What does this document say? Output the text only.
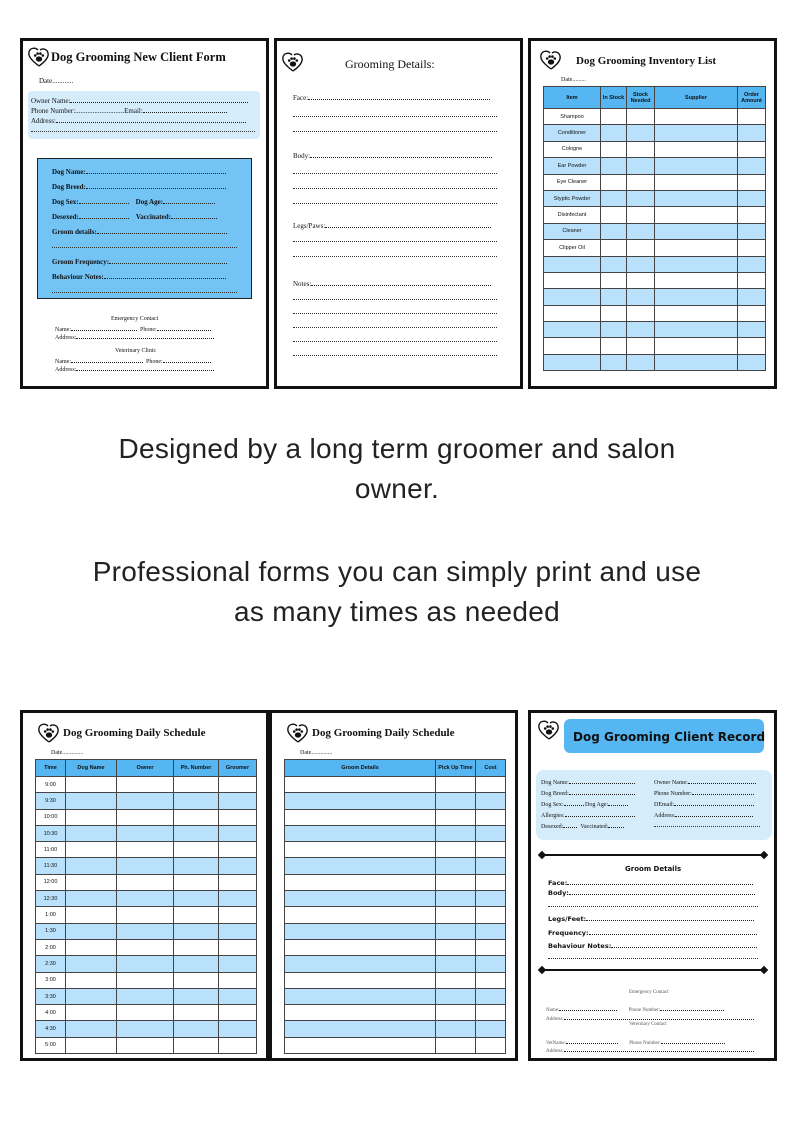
Dog Grooming New Client Form
Date............
Owner Name:
Phone Number:............................Email:
Address:
Dog Name:
Dog Breed:
Dog Sex:	Dog Age:
Desexed:	Vaccinated:
Groom details:
Groom Frequency:
Behaviour Notes:
Emergency Contact
Name:	Phone:
Address:
Veterinary Clinic
Name:	Phone:
Address:
Grooming Details:
Face:
Body:
Legs/Paws:
Notes:
Dog Grooming Inventory List
Date.........
Item	In Stock	Stock Needed	Supplier	Order Amount
Shampoo				
Conditioner				
Cologne				
Ear Powder				
Eye Cleaner				
Styptic Powder				
Disinfectant				
Cleaner				
Clipper Oil				

Designed by a long term groomer and salon
owner.
Professional forms you can simply print and use
as many times as needed
Dog Grooming Daily Schedule
Date..............
Time	Dog Name	Owner	Ph. Number	Groomer
9:00				
9:30				
10:00				
10:30				
11:00				
11:30				
12:00				
12:30				
1:00				
1:30				
2:00				
2:30				
3:00				
3:30				
4:00				
4:30				
5:00				
Dog Grooming Daily Schedule
Date..............
Groom Details	Pick Up Time	Cost

Dog Grooming Client Record
Dog Name:
Dog Breed:
Dog Sex:	Dog Age:
Allergies:
Desexed:	Vaccinated:
Owner Name:
Phone Number:
DEmail:
Address:
Groom Details
Face:
Body:
Legs/Feet:
Frequency:
Behaviour Notes:
Emergency Contact
Name:	Phone Number:
Address:
Veterinary Contact
VetName:	Phone Number:
Address:
